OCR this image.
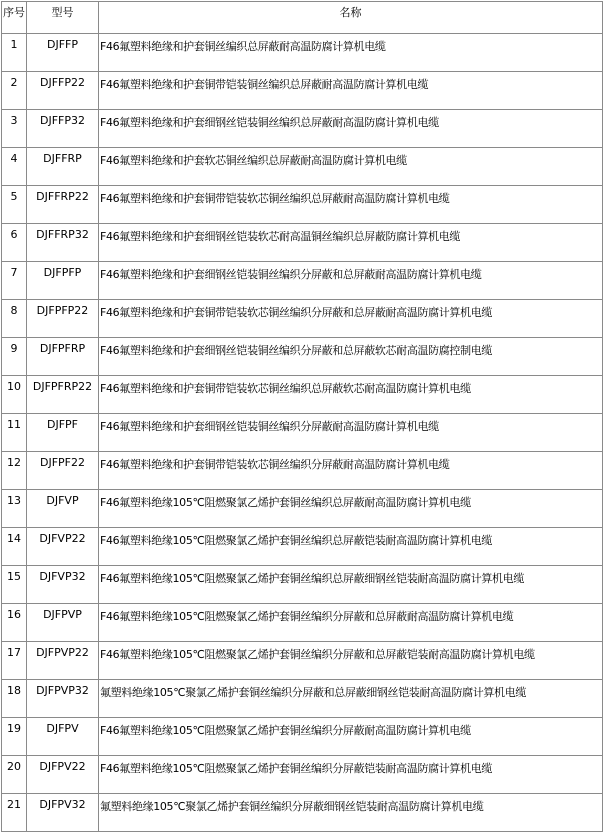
序号	型号	名称
1	DJFFP	F46氟塑料绝缘和护套铜丝编织总屏蔽耐高温防腐计算机电缆
2	DJFFP22	F46氟塑料绝缘和护套铜带铠装铜丝编织总屏蔽耐高温防腐计算机电缆
3	DJFFP32	F46氟塑料绝缘和护套细钢丝铠装铜丝编织总屏蔽耐高温防腐计算机电缆
4	DJFFRP	F46氟塑料绝缘和护套软芯铜丝编织总屏蔽耐高温防腐计算机电缆
5	DJFFRP22	F46氟塑料绝缘和护套铜带铠装软芯铜丝编织总屏蔽耐高温防腐计算机电缆
6	DJFFRP32	F46氟塑料绝缘和护套细钢丝铠装软芯耐高温铜丝编织总屏蔽防腐计算机电缆
7	DJFPFP	F46氟塑料绝缘和护套细钢丝铠装铜丝编织分屏蔽和总屏蔽耐高温防腐计算机电缆
8	DJFPFP22	F46氟塑料绝缘和护套铜带铠装软芯铜丝编织分屏蔽和总屏蔽耐高温防腐计算机电缆
9	DJFPFRP	F46氟塑料绝缘和护套细钢丝铠装铜丝编织分屏蔽和总屏蔽软芯耐高温防腐控制电缆
10	DJFPFRP22	F46氟塑料绝缘和护套铜带铠装软芯铜丝编织总屏蔽软芯耐高温防腐计算机电缆
11	DJFPF	F46氟塑料绝缘和护套细钢丝铠装铜丝编织分屏蔽耐高温防腐计算机电缆
12	DJFPF22	F46氟塑料绝缘和护套铜带铠装软芯铜丝编织分屏蔽耐高温防腐计算机电缆
13	DJFVP	F46氟塑料绝缘105℃阻燃聚氯乙烯护套铜丝编织总屏蔽耐高温防腐计算机电缆
14	DJFVP22	F46氟塑料绝缘105℃阻燃聚氯乙烯护套铜丝编织总屏蔽铠装耐高温防腐计算机电缆
15	DJFVP32	F46氟塑料绝缘105℃阻燃聚氯乙烯护套铜丝编织总屏蔽细钢丝铠装耐高温防腐计算机电缆
16	DJFPVP	F46氟塑料绝缘105℃阻燃聚氯乙烯护套铜丝编织分屏蔽和总屏蔽耐高温防腐计算机电缆
17	DJFPVP22	F46氟塑料绝缘105℃阻燃聚氯乙烯护套铜丝编织分屏蔽和总屏蔽铠装耐高温防腐计算机电缆
18	DJFPVP32	氟塑料绝缘105℃聚氯乙烯护套铜丝编织分屏蔽和总屏蔽细钢丝铠装耐高温防腐计算机电缆
19	DJFPV	F46氟塑料绝缘105℃阻燃聚氯乙烯护套铜丝编织分屏蔽耐高温防腐计算机电缆
20	DJFPV22	F46氟塑料绝缘105℃阻燃聚氯乙烯护套铜丝编织分屏蔽铠装耐高温防腐计算机电缆
21	DJFPV32	氟塑料绝缘105℃聚氯乙烯护套铜丝编织分屏蔽细钢丝铠装耐高温防腐计算机电缆
